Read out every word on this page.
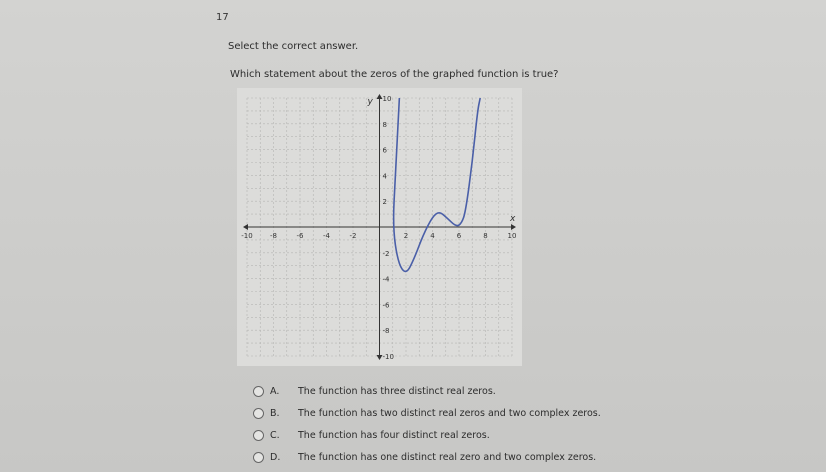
17
Select the correct answer.
Which statement about the zeros of the graphed function is true?
-10 -8	-6	-4	-2	2	4	6	8	10
10
8
6
4
2
-2
-4
-6
-8
-10
x
y
A.	The function has three distinct real zeros.
B.	The function has two distinct real zeros and two complex zeros.
C.	The function has four distinct real zeros.
D.	The function has one distinct real zero and two complex zeros.
